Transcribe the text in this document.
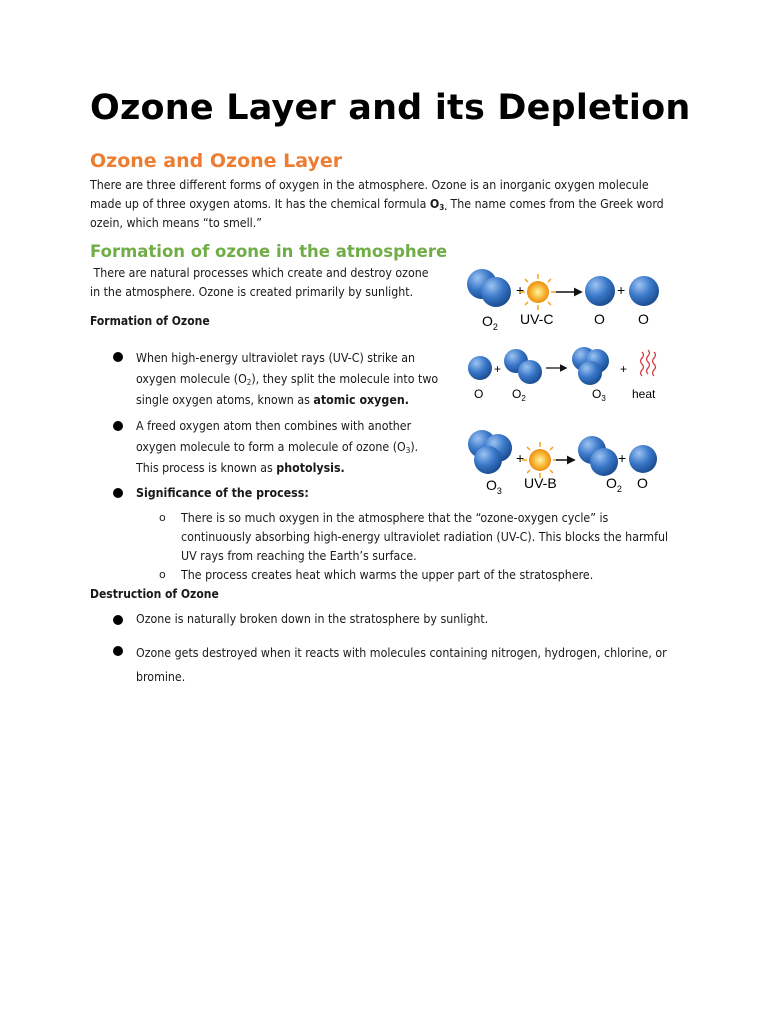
Ozone Layer and its Depletion
Ozone and Ozone Layer
There are three different forms of oxygen in the atmosphere. Ozone is an inorganic oxygen molecule
made up of three oxygen atoms. It has the chemical formula $O_{3.}$ The name comes from the Greek word
ozein, which means “to smell.”
Formation of ozone in the atmosphere
There are natural processes which create and destroy ozone
in the atmosphere. Ozone is created primarily by sunlight.
Formation of Ozone
When high-energy ultraviolet rays (UV-C) strike an
oxygen molecule $(O_2)$, they split the molecule into two
single oxygen atoms, known as atomic oxygen.
A freed oxygen atom then combines with another
oxygen molecule to form a molecule of ozone $(O_3)$.
This process is known as photolysis.
Significance of the process:
o There is so much oxygen in the atmosphere that the “ozone-oxygen cycle” is
continuously absorbing high-energy ultraviolet radiation (UV-C). This blocks the harmful
UV rays from reaching the Earth’s surface.
o The process creates heat which warms the upper part of the stratosphere.
Destruction of Ozone
Ozone is naturally broken down in the stratosphere by sunlight.
Ozone gets destroyed when it reacts with molecules containing nitrogen, hydrogen, chlorine, or
bromine.
+	+
$O_2$ UV-C	O O
+	+
O $O_2$	$O_3$ heat
+	+
$O_3$ UV-B	$O_2$ O
